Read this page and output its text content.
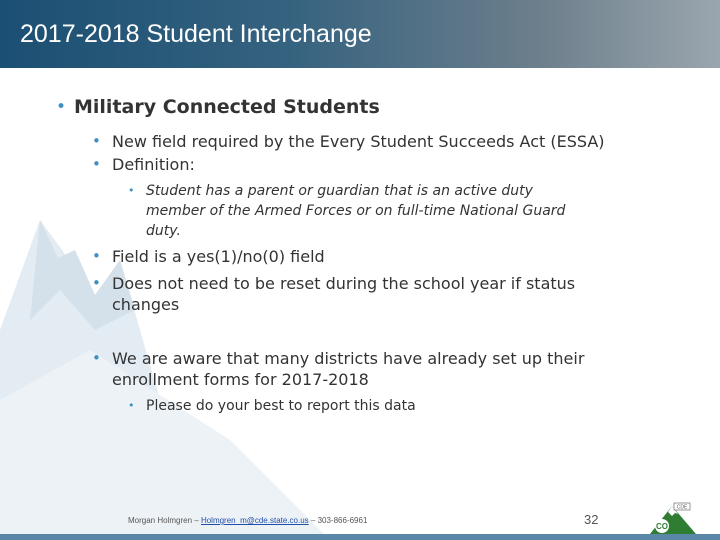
2017-2018 Student Interchange
• Military Connected Students
• New field required by the Every Student Succeeds Act (ESSA)
• Definition:
• Student has a parent or guardian that is an active duty
member of the Armed Forces or on full-time National Guard
duty.
• Field is a yes(1)/no(0) field
• Does not need to be reset during the school year if status
changes
• We are aware that many districts have already set up their
enrollment forms for 2017-2018
• Please do your best to report this data
Morgan Holmgren – Holmgren_m@cde.state.co.us – 303-866-6961	32
CDE
CO
